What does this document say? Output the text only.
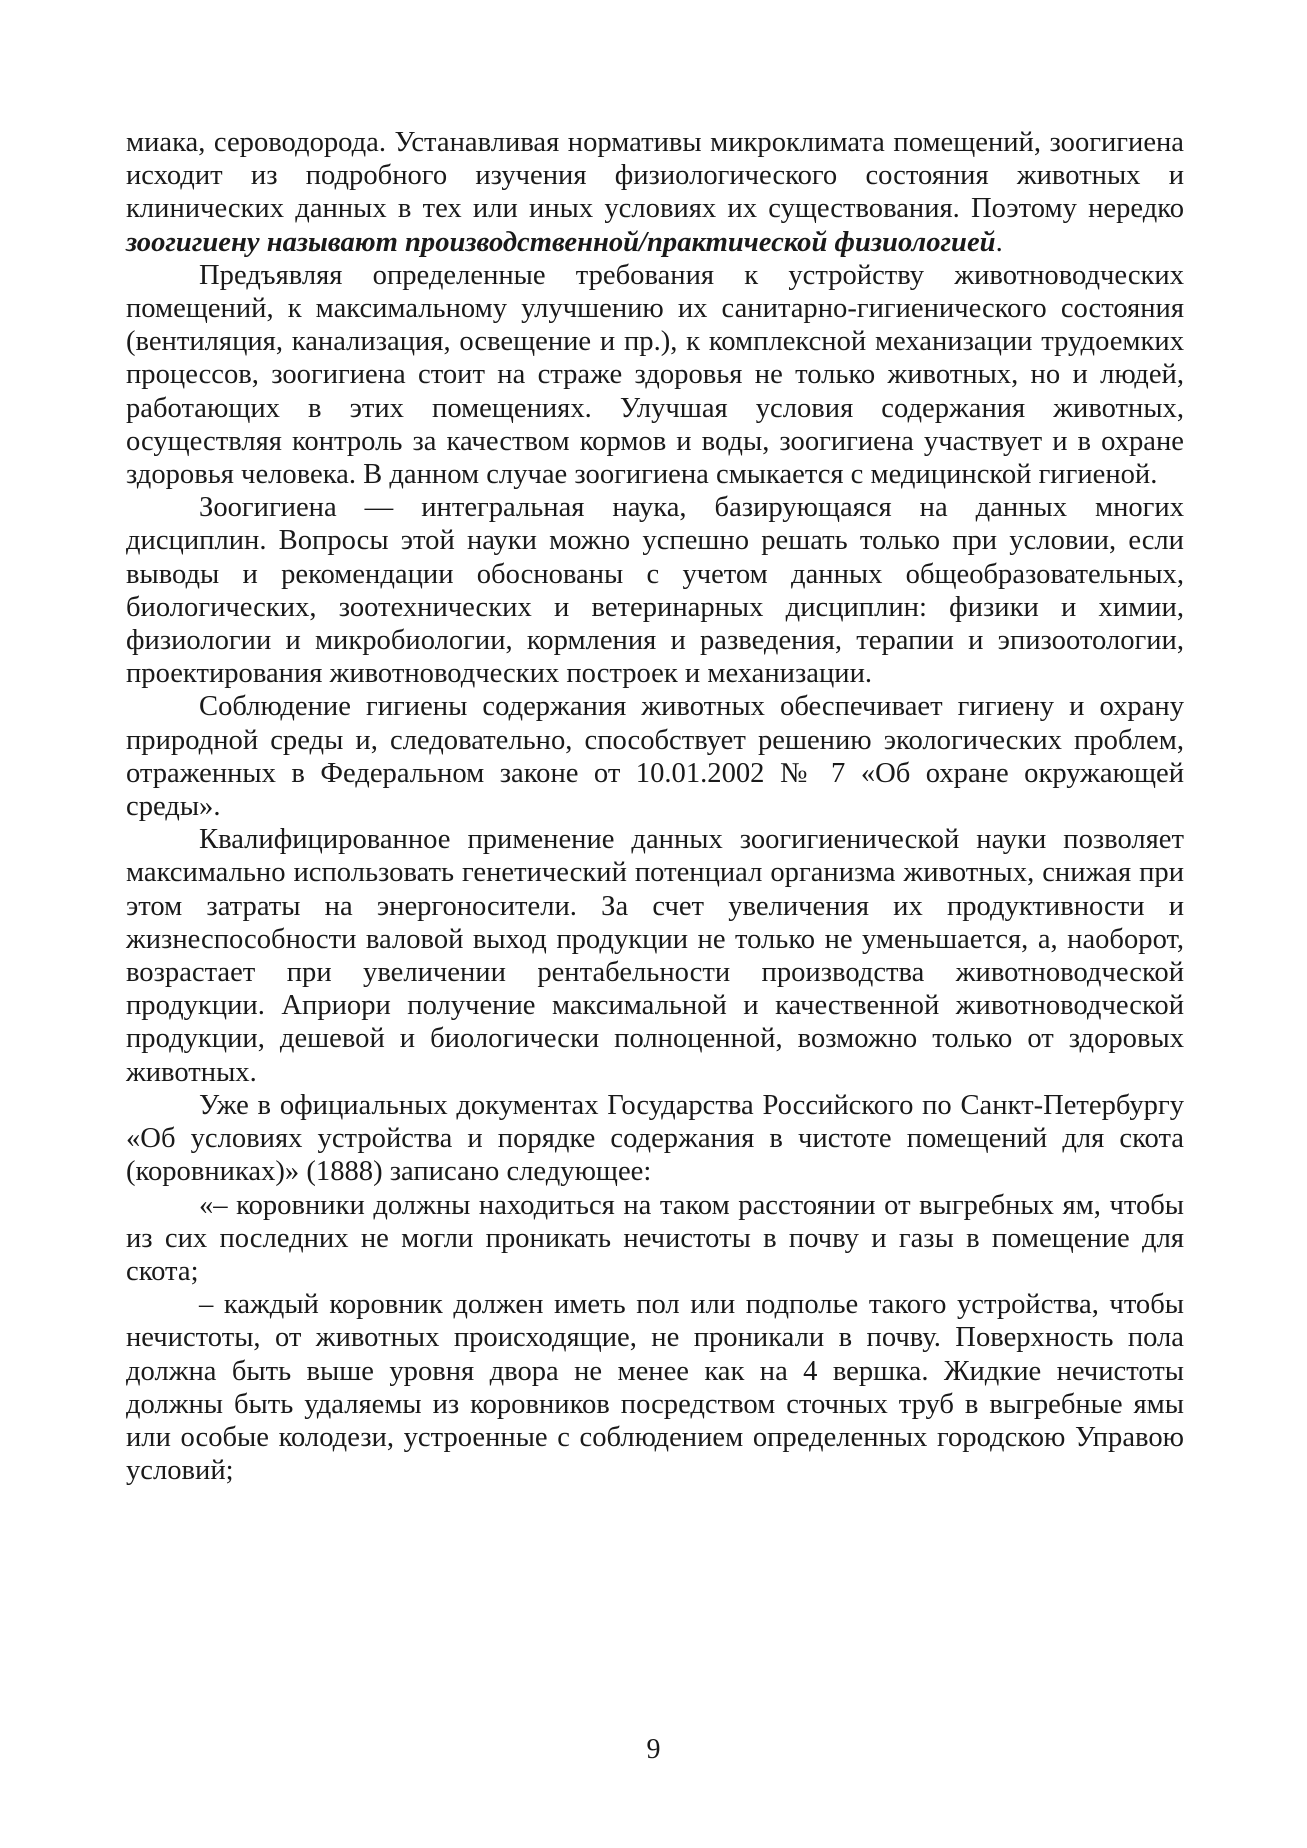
миака, сероводорода. Устанавливая нормативы микроклимата помещений, зоогигиена исходит из подробного изучения физиологического состояния животных и клинических данных в тех или иных условиях их существования. Поэтому нередко зоогигиену называют производственной/практической физиологией.

Предъявляя определенные требования к устройству животноводческих помещений, к максимальному улучшению их санитарно-гигиенического состояния (вентиляция, канализация, освещение и пр.), к комплексной механизации трудоемких процессов, зоогигиена стоит на страже здоровья не только животных, но и людей, работающих в этих помещениях. Улучшая условия содержания животных, осуществляя контроль за качеством кормов и воды, зоогигиена участвует и в охране здоровья человека. В данном случае зоогигиена смыкается с медицинской гигиеной.

Зоогигиена — интегральная наука, базирующаяся на данных многих дисциплин. Вопросы этой науки можно успешно решать только при условии, если выводы и рекомендации обоснованы с учетом данных общеобразовательных, биологических, зоотехнических и ветеринарных дисциплин: физики и химии, физиологии и микробиологии, кормления и разведения, терапии и эпизоотологии, проектирования животноводческих построек и механизации.

Соблюдение гигиены содержания животных обеспечивает гигиену и охрану природной среды и, следовательно, способствует решению экологических проблем, отраженных в Федеральном законе от 10.01.2002 № 7 «Об охране окружающей среды».

Квалифицированное применение данных зоогигиенической науки позволяет максимально использовать генетический потенциал организма животных, снижая при этом затраты на энергоносители. За счет увеличения их продуктивности и жизнеспособности валовой выход продукции не только не уменьшается, а, наоборот, возрастает при увеличении рентабельности производства животноводческой продукции. Априори получение максимальной и качественной животноводческой продукции, дешевой и биологически полноценной, возможно только от здоровых животных.

Уже в официальных документах Государства Российского по Санкт-Петербургу «Об условиях устройства и порядке содержания в чистоте помещений для скота (коровниках)» (1888) записано следующее:

«– коровники должны находиться на таком расстоянии от выгребных ям, чтобы из сих последних не могли проникать нечистоты в почву и газы в помещение для скота;

– каждый коровник должен иметь пол или подполье такого устройства, чтобы нечистоты, от животных происходящие, не проникали в почву. Поверхность пола должна быть выше уровня двора не менее как на 4 вершка. Жидкие нечистоты должны быть удаляемы из коровников посредством сточных труб в выгребные ямы или особые колодези, устроенные с соблюдением определенных городскою Управою условий;

9
